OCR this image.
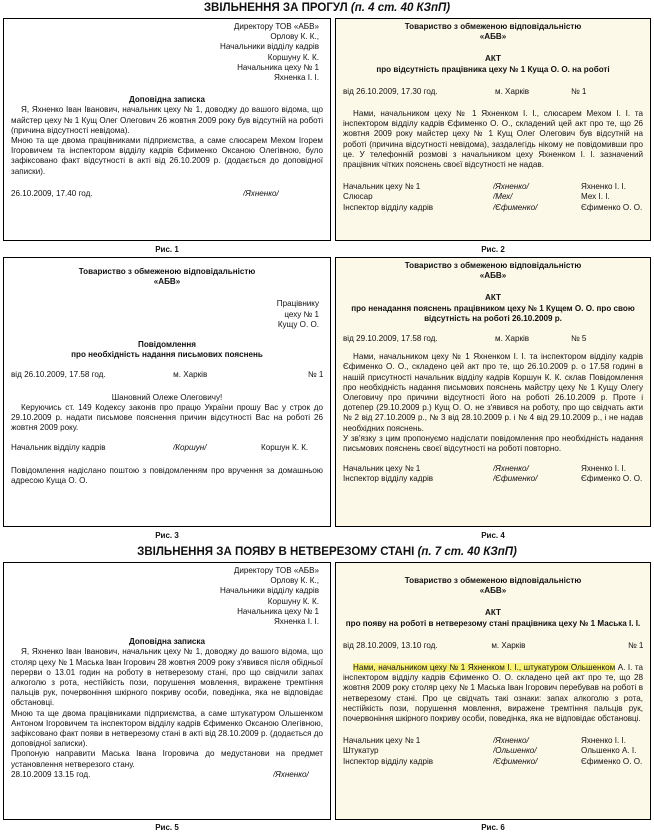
ЗВІЛЬНЕННЯ ЗА ПРОГУЛ (п. 4 ст. 40 КЗпП)
Директору ТОВ «АБВ»
Орлову К. К.,
Начальники відділу кадрів
Коршуну К. К.
Начальника цеху № 1
Яхненка І. І.
Доповідна записка
Я, Яхненко Іван Іванович, начальник цеху № 1, доводжу до вашого відома, що майстер цеху № 1 Кущ Олег Олегович 26 жовтня 2009 року був відсутній на роботі (причина відсутності невідома).
Мною та ще двома працівниками підприємства, а саме слюсарем Мехом Ігорем Ігоровичем та інспектором відділу кадрів Єфименко Оксаною Олегівною, було зафіксовано факт відсутності в акті від 26.10.2009 р. (додається до доповідної записки).
26.10.2009, 17.40 год.	/Яхненко/
Рис. 1
Товариство з обмеженою відповідальністю
«АБВ»
АКТ
про відсутність працівника цеху № 1 Куща О. О. на роботі
від 26.10.2009, 17.30 год.	м. Харків	№ 1
Нами, начальником цеху № 1 Яхненком І. І., слюсарем Мехом І. І. та інспектором відділу кадрів Єфименко О. О., складений цей акт про те, що 26 жовтня 2009 року майстер цеху № 1 Кущ Олег Олегович був відсутній на роботі (причина відсутності невідома), заздалегідь нікому не повідомивши про це. У телефонній розмові з начальником цеху Яхненком І. І. зазначений працівник чітких пояснень своєї відсутності не надав.
Начальник цеху № 1	/Яхненко/	Яхненко І. І.
Слюсар	/Мех/	Мех І. І.
Інспектор відділу кадрів	/Єфименко/	Єфименко О. О.
Рис. 2
Товариство з обмеженою відповідальністю
«АБВ»
Працівнику
цеху № 1
Кущу О. О.
Повідомлення
про необхідність надання письмових пояснень
від 26.10.2009, 17.58 год.	м. Харків	№ 1
Шановний Олеже Олеговичу!
Керуючись ст. 149 Кодексу законів про працю України прошу Вас у строк до 29.10.2009 р. надати письмове пояснення причин відсутності Вас на роботі 26 жовтня 2009 року.
Начальник відділу кадрів	/Коршун/	Коршун К. К.
Повідомлення надіслано поштою з повідомленням про вручення за домашньою адресою Куща О. О.
Рис. 3
Товариство з обмеженою відповідальністю
«АБВ»
АКТ
про ненадання пояснень працівником цеху № 1 Кущем О. О. про свою відсутність на роботі 26.10.2009 р.
від 29.10.2009, 17.58 год.	м. Харків	№ 5
Нами, начальником цеху № 1 Яхненком І. І. та інспектором відділу кадрів Єфименко О. О., складено цей акт про те, що 26.10.2009 р. о 17.58 годині в нашій присутності начальник відділу кадрів Коршун К. К. склав Повідомлення про необхідність надання письмових пояснень майстру цеху № 1 Кущу Олегу Олеговичу про причини відсутності його на роботі 26.10.2009 р. Проте і дотепер (29.10.2009 р.) Кущ О. О. не з'явився на роботу, про що свідчать акти № 2 від 27.10.2009 р., № 3 від 28.10.2009 р. і № 4 від 29.10.2009 р., і не надав необхідних пояснень.
У зв'язку з цим пропонуємо надіслати повідомлення про необхідність надання письмових пояснень своєї відсутності на роботі повторно.
Начальник цеху № 1	/Яхненко/	Яхненко І. І.
Інспектор відділу кадрів	/Єфименко/	Єфименко О. О.
Рис. 4
ЗВІЛЬНЕННЯ ЗА ПОЯВУ В НЕТВЕРЕЗОМУ СТАНІ (п. 7 ст. 40 КЗпП)
Директору ТОВ «АБВ»
Орлову К. К.,
Начальники відділу кадрів
Коршуну К. К.
Начальника цеху № 1
Яхненка І. І.
Доповідна записка
Я, Яхненко Іван Іванович, начальник цеху № 1, доводжу до вашого відома, що столяр цеху № 1 Маська Іван Ігорович 28 жовтня 2009 року з'явився після обідньої перерви о 13.01 годин на роботу в нетверезому стані, про що свідчили запах алкоголю з рота, нестійкість пози, порушення мовлення, виражене тремтіння пальців рук, почервоніння шкірного покриву особи, поведінка, яка не відповідає обстановці.
Мною та ще двома працівниками підприємства, а саме штукатуром Ольшенком Антоном Ігоровичем та інспектором відділу кадрів Єфименко Оксаною Олегівною, зафіксовано факт появи в нетверезому стані в акті від 28.10.2009 р. (додається до доповідної записки).
Пропоную направити Маська Івана Ігоровича до медустанови на предмет установлення нетверезого стану.
28.10.2009 13.15 год.	/Яхненко/
Рис. 5
Товариство з обмеженою відповідальністю
«АБВ»
АКТ
про появу на роботі в нетверезому стані працівника цеху № 1 Маська І. І.
від 28.10.2009, 13.10 год.	м. Харків	№ 1
Нами, начальником цеху № 1 Яхненком І. І., штукатуром Ольшенком А. І. та інспектором відділу кадрів Єфименко О. О. складено цей акт про те, що 28 жовтня 2009 року столяр цеху № 1 Маська Іван Ігорович перебував на роботі в нетверезому стані. Про це свідчать такі ознаки: запах алкоголю з рота, нестійкість пози, порушення мовлення, виражене тремтіння пальців рук, почервоніння шкірного покриву особи, поведінка, яка не відповідає обстановці.
Начальник цеху № 1	/Яхненко/	Яхненко І. І.
Штукатур	/Ольшенко/	Ольшенко А. І.
Інспектор відділу кадрів	/Єфименко/	Єфименко О. О.
Рис. 6
